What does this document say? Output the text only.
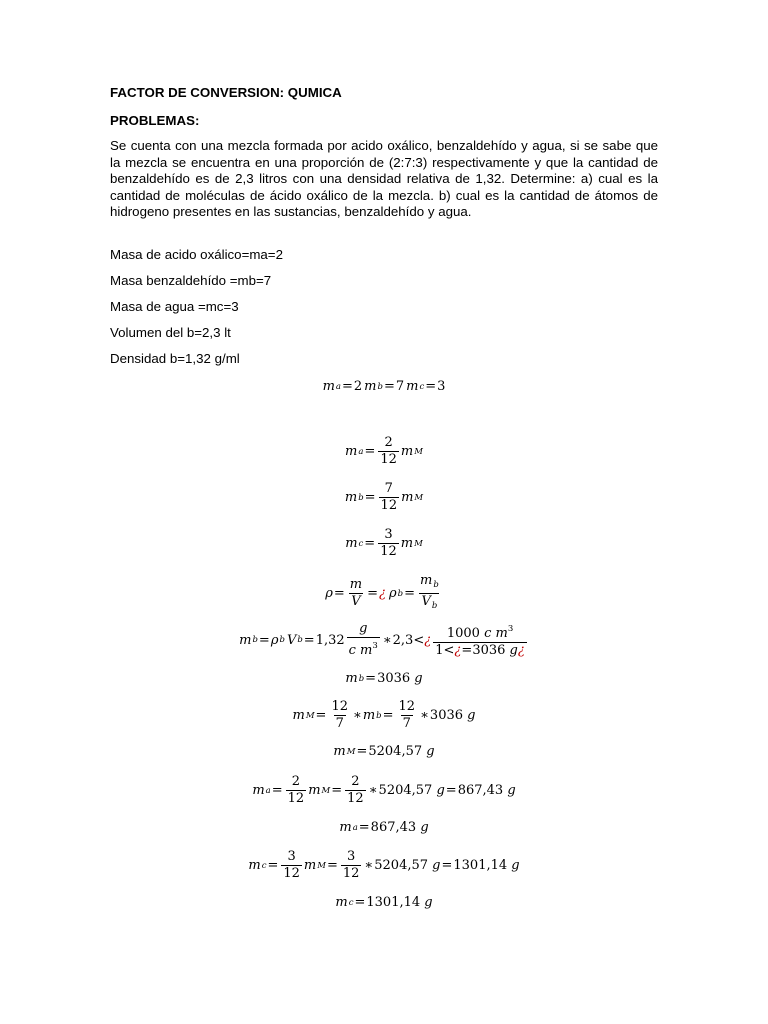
FACTOR DE CONVERSION: QUMICA

PROBLEMAS:

Se cuenta con una mezcla formada por acido oxálico, benzaldehído y agua, si se sabe que la mezcla se encuentra en una proporción de (2:7:3) respectivamente y que la cantidad de benzaldehído es de 2,3 litros con una densidad relativa de 1,32. Determine: a) cual es la cantidad de moléculas de ácido oxálico de la mezcla. b) cual es la cantidad de átomos de hidrogeno presentes en las sustancias, benzaldehído y agua.

Masa de acido oxálico=ma=2

Masa benzaldehído =mb=7

Masa de agua =mc=3

Volumen del b=2,3 lt

Densidad b=1,32 g/ml

m a = 2 m b = 7 m c = 3
m $a = \frac{2}{12}$ m M
m $b = \frac{7}{12}$ m M
m $c = \frac{3}{12}$ m M
$\rho = \frac{m}{V}$ = ¿ ρ $b = \frac{m_b}{V_b}$
m b = ρ b V $b = 1,32 \frac{g}{c m^3}$ ∗ 2,3 < ¿ $\frac{1000 c m^3}{1<¿=3036 g¿}$
m b = 3036
g
m $M = \frac{12}{7}$ ∗ m $b = \frac{12}{7}$ ∗ 3036
g
m M = 5204,57
g
m $a = \frac{2}{12}$ m $M = \frac{2}{12}$ ∗ 5204,57
g = 867,43
g
m a = 867,43
g
m $c = \frac{3}{12}$ m $M = \frac{3}{12}$ ∗ 5204,57
g = 1301,14
g
m c = 1301,14
g
